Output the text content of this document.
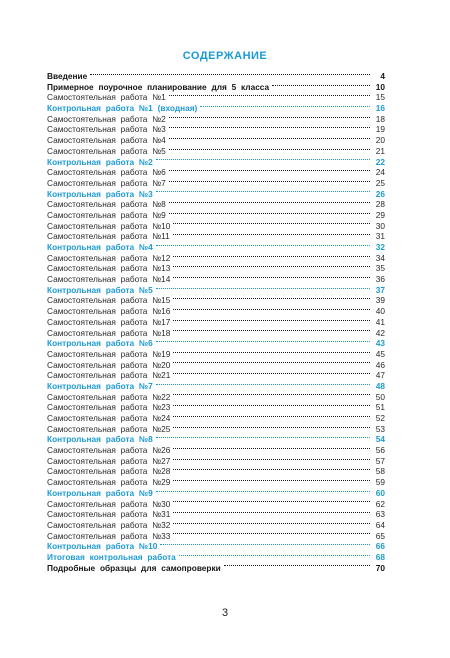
СОДЕРЖАНИЕ
Введение	4
Примерное поурочное планирование для 5 класса	10
Самостоятельная работа №1	15
Контрольная работа №1 (входная)	16
Самостоятельная работа №2	18
Самостоятельная работа №3	19
Самостоятельная работа №4	20
Самостоятельная работа №5	21
Контрольная работа №2	22
Самостоятельная работа №6	24
Самостоятельная работа №7	25
Контрольная работа №3	26
Самостоятельная работа №8	28
Самостоятельная работа №9	29
Самостоятельная работа №10	30
Самостоятельная работа №11	31
Контрольная работа №4	32
Самостоятельная работа №12	34
Самостоятельная работа №13	35
Самостоятельная работа №14	36
Контрольная работа №5	37
Самостоятельная работа №15	39
Самостоятельная работа №16	40
Самостоятельная работа №17	41
Самостоятельная работа №18	42
Контрольная работа №6	43
Самостоятельная работа №19	45
Самостоятельная работа №20	46
Самостоятельная работа №21	47
Контрольная работа №7	48
Самостоятельная работа №22	50
Самостоятельная работа №23	51
Самостоятельная работа №24	52
Самостоятельная работа №25	53
Контрольная работа №8	54
Самостоятельная работа №26	56
Самостоятельная работа №27	57
Самостоятельная работа №28	58
Самостоятельная работа №29	59
Контрольная работа №9	60
Самостоятельная работа №30	62
Самостоятельная работа №31	63
Самостоятельная работа №32	64
Самостоятельная работа №33	65
Контрольная работа №10	66
Итоговая контрольная работа	68
Подробные образцы для самопроверки	70
3
